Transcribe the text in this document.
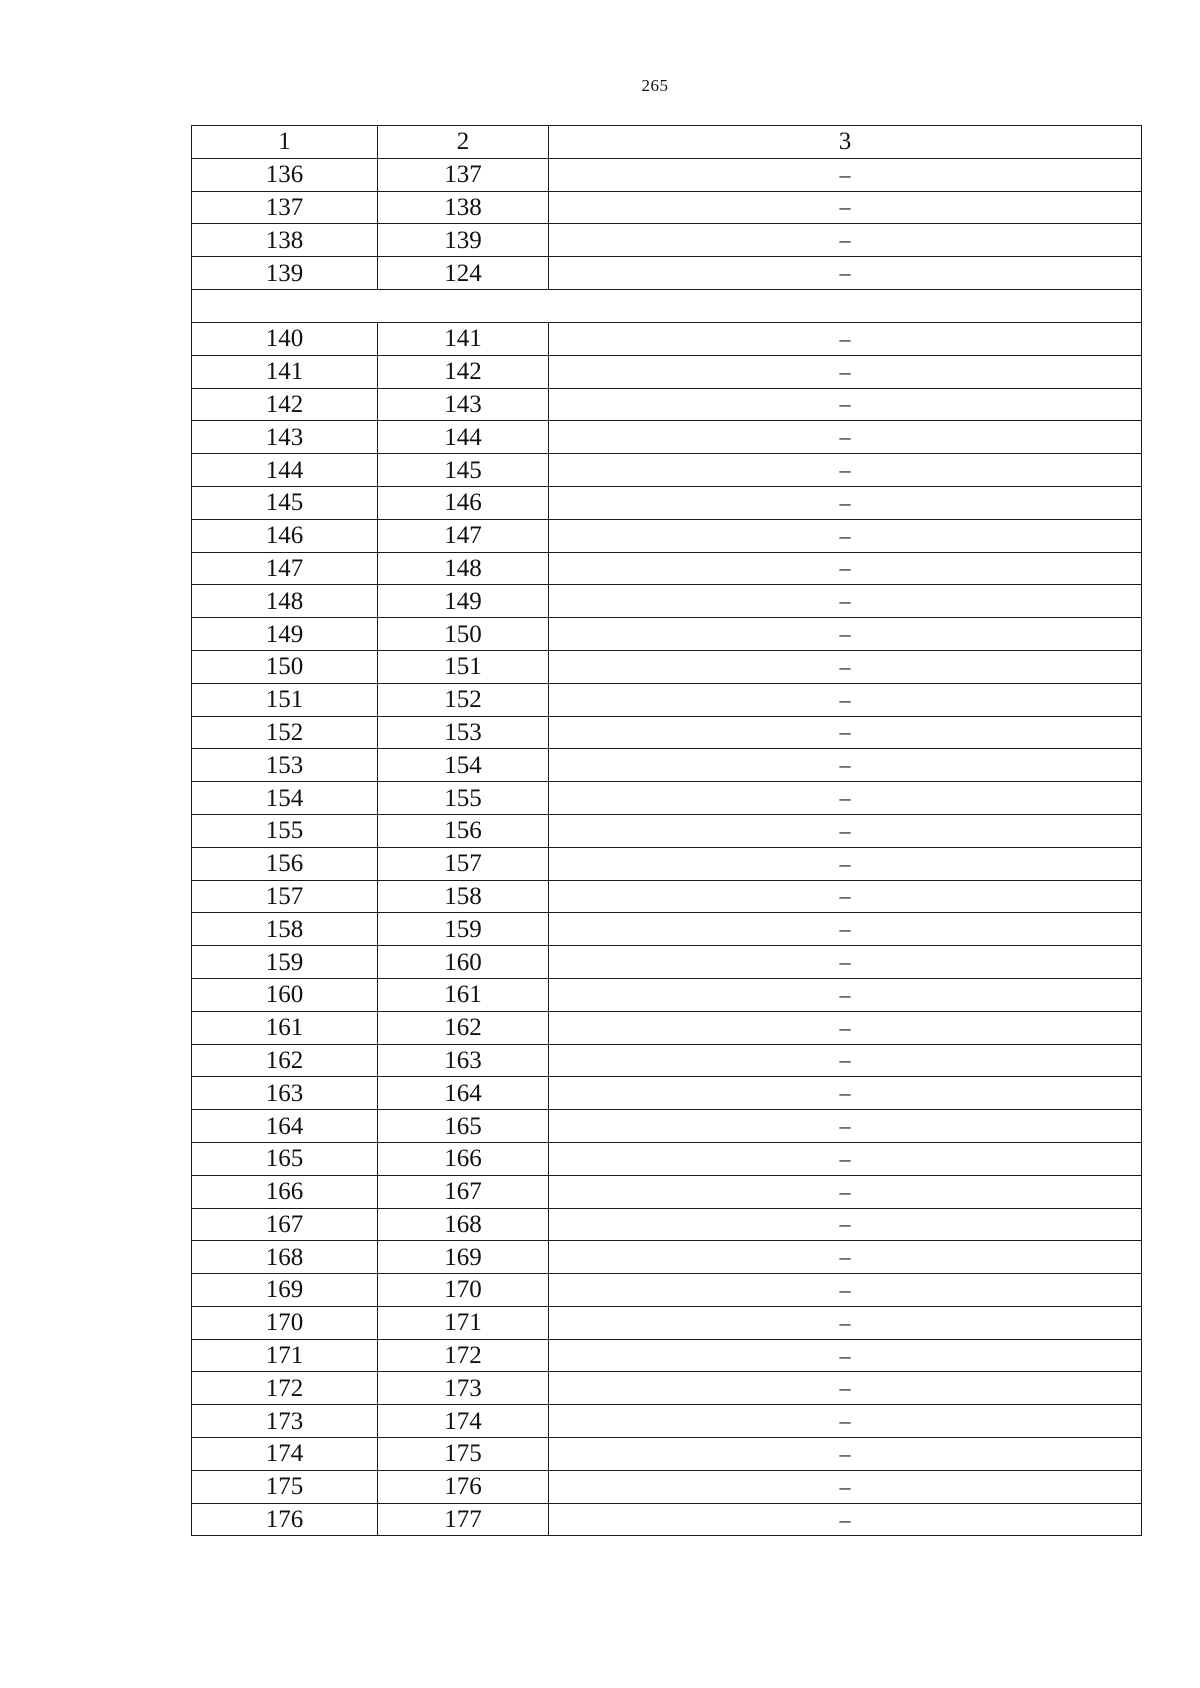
265
1	2	3
136	137	–
137	138	–
138	139	–
139	124	–

140	141	–
141	142	–
142	143	–
143	144	–
144	145	–
145	146	–
146	147	–
147	148	–
148	149	–
149	150	–
150	151	–
151	152	–
152	153	–
153	154	–
154	155	–
155	156	–
156	157	–
157	158	–
158	159	–
159	160	–
160	161	–
161	162	–
162	163	–
163	164	–
164	165	–
165	166	–
166	167	–
167	168	–
168	169	–
169	170	–
170	171	–
171	172	–
172	173	–
173	174	–
174	175	–
175	176	–
176	177	–
